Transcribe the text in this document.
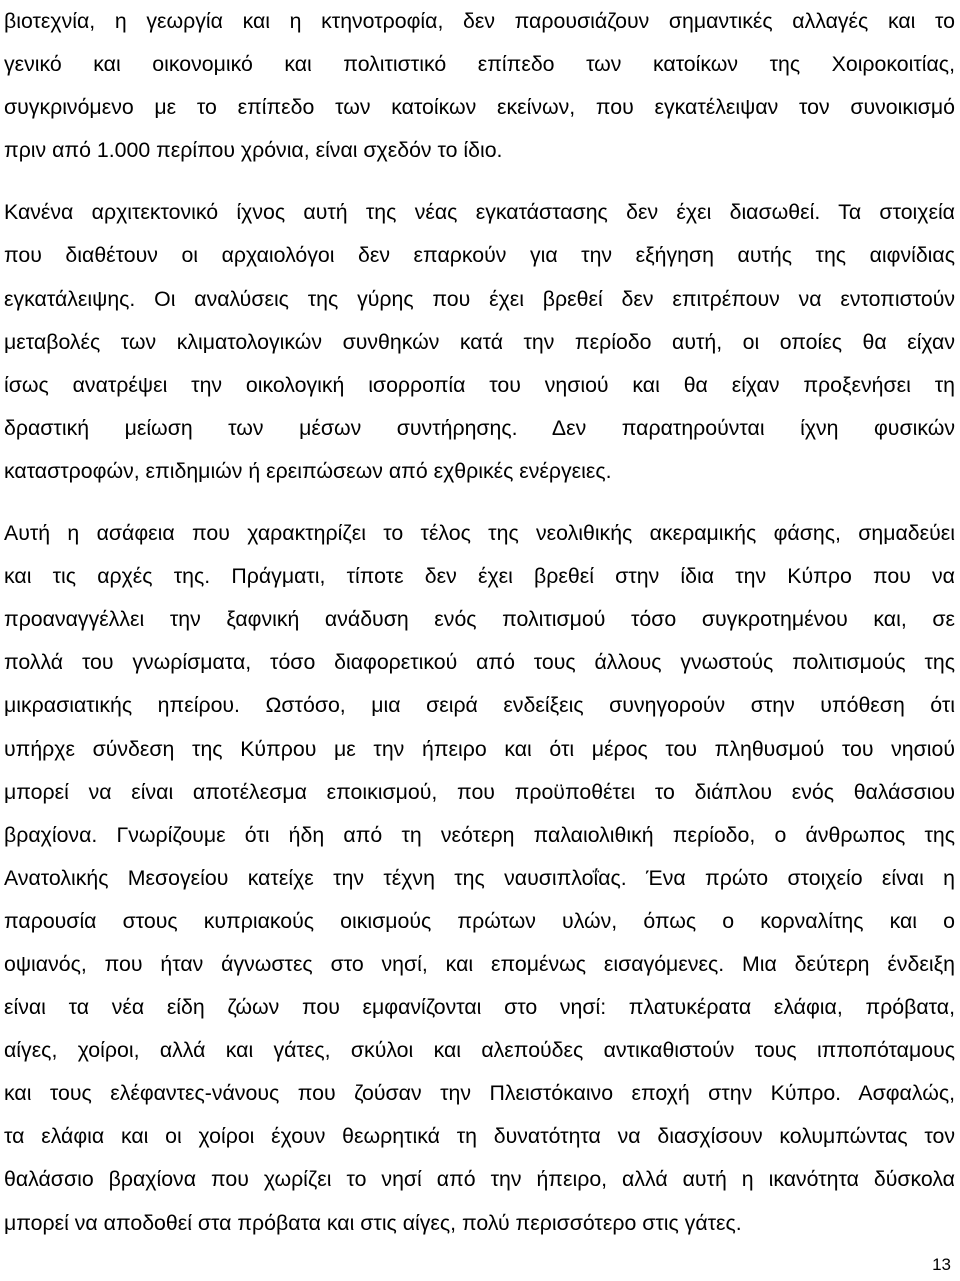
βιοτεχνία, η γεωργία και η κτηνοτροφία, δεν παρουσιάζουν σημαντικές αλλαγές και το
γενικό και οικονομικό και πολιτιστικό επίπεδο των κατοίκων της Χοιροκοιτίας,
συγκρινόμενο με το επίπεδο των κατοίκων εκείνων, που εγκατέλειψαν τον συνοικισμό
πριν από 1.000 περίπου χρόνια, είναι σχεδόν το ίδιο.
Κανένα αρχιτεκτονικό ίχνος αυτή της νέας εγκατάστασης δεν έχει διασωθεί. Τα στοιχεία
που διαθέτουν οι αρχαιολόγοι δεν επαρκούν για την εξήγηση αυτής της αιφνίδιας
εγκατάλειψης. Οι αναλύσεις της γύρης που έχει βρεθεί δεν επιτρέπουν να εντοπιστούν
μεταβολές των κλιματολογικών συνθηκών κατά την περίοδο αυτή, οι οποίες θα είχαν
ίσως ανατρέψει την οικολογική ισορροπία του νησιού και θα είχαν προξενήσει τη
δραστική μείωση των μέσων συντήρησης. Δεν παρατηρούνται ίχνη φυσικών
καταστροφών, επιδημιών ή ερειπώσεων από εχθρικές ενέργειες.
Αυτή η ασάφεια που χαρακτηρίζει το τέλος της νεολιθικής ακεραμικής φάσης, σημαδεύει
και τις αρχές της. Πράγματι, τίποτε δεν έχει βρεθεί στην ίδια την Κύπρο που να
προαναγγέλλει την ξαφνική ανάδυση ενός πολιτισμού τόσο συγκροτημένου και, σε
πολλά του γνωρίσματα, τόσο διαφορετικού από τους άλλους γνωστούς πολιτισμούς της
μικρασιατικής ηπείρου. Ωστόσο, μια σειρά ενδείξεις συνηγορούν στην υπόθεση ότι
υπήρχε σύνδεση της Κύπρου με την ήπειρο και ότι μέρος του πληθυσμού του νησιού
μπορεί να είναι αποτέλεσμα εποικισμού, που προϋποθέτει το διάπλου ενός θαλάσσιου
βραχίονα. Γνωρίζουμε ότι ήδη από τη νεότερη παλαιολιθική περίοδο, ο άνθρωπος της
Ανατολικής Μεσογείου κατείχε την τέχνη της ναυσιπλοΐας. Ένα πρώτο στοιχείο είναι η
παρουσία στους κυπριακούς οικισμούς πρώτων υλών, όπως ο κορναλίτης και ο
οψιανός, που ήταν άγνωστες στο νησί, και επομένως εισαγόμενες. Μια δεύτερη ένδειξη
είναι τα νέα είδη ζώων που εμφανίζονται στο νησί: πλατυκέρατα ελάφια, πρόβατα,
αίγες, χοίροι, αλλά και γάτες, σκύλοι και αλεπούδες αντικαθιστούν τους ιπποπόταμους
και τους ελέφαντες-νάνους που ζούσαν την Πλειστόκαινο εποχή στην Κύπρο. Ασφαλώς,
τα ελάφια και οι χοίροι έχουν θεωρητικά τη δυνατότητα να διασχίσουν κολυμπώντας τον
θαλάσσιο βραχίονα που χωρίζει το νησί από την ήπειρο, αλλά αυτή η ικανότητα δύσκολα
μπορεί να αποδοθεί στα πρόβατα και στις αίγες, πολύ περισσότερο στις γάτες.
13
